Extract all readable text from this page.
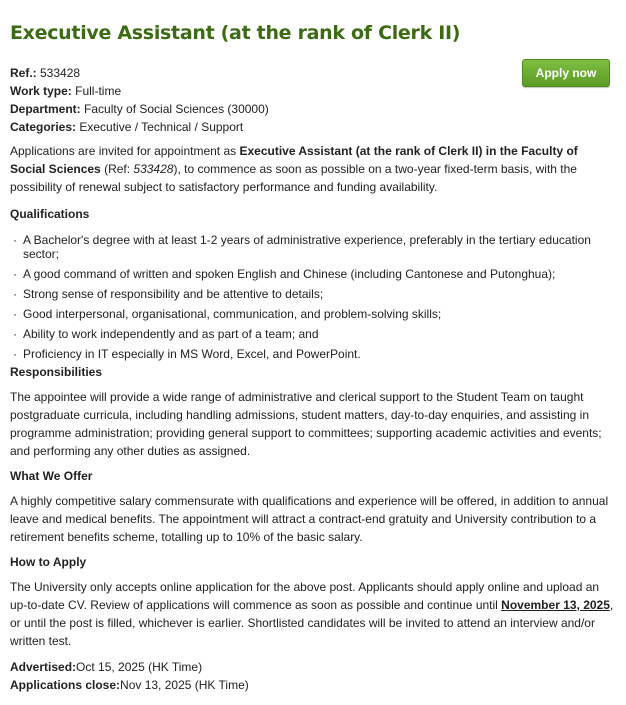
Executive Assistant (at the rank of Clerk II)
Apply now
Ref.: 533428
Work type: Full-time
Department: Faculty of Social Sciences (30000)
Categories: Executive / Technical / Support

Applications are invited for appointment as Executive Assistant (at the rank of Clerk II) in the Faculty of Social Sciences (Ref: 533428), to commence as soon as possible on a two-year fixed-term basis, with the possibility of renewal subject to satisfactory performance and funding availability.

Qualifications
· A Bachelor's degree with at least 1-2 years of administrative experience, preferably in the tertiary education sector;
· A good command of written and spoken English and Chinese (including Cantonese and Putonghua);
· Strong sense of responsibility and be attentive to details;
· Good interpersonal, organisational, communication, and problem-solving skills;
· Ability to work independently and as part of a team; and
· Proficiency in IT especially in MS Word, Excel, and PowerPoint.
Responsibilities

The appointee will provide a wide range of administrative and clerical support to the Student Team on taught postgraduate curricula, including handling admissions, student matters, day-to-day enquiries, and assisting in programme administration; providing general support to committees; supporting academic activities and events; and performing any other duties as assigned.

What We Offer

A highly competitive salary commensurate with qualifications and experience will be offered, in addition to annual leave and medical benefits. The appointment will attract a contract-end gratuity and University contribution to a retirement benefits scheme, totalling up to 10% of the basic salary.

How to Apply

The University only accepts online application for the above post. Applicants should apply online and upload an up-to-date CV. Review of applications will commence as soon as possible and continue until November 13, 2025, or until the post is filled, whichever is earlier. Shortlisted candidates will be invited to attend an interview and/or written test.

Advertised:Oct 15, 2025 (HK Time)
Applications close:Nov 13, 2025 (HK Time)
